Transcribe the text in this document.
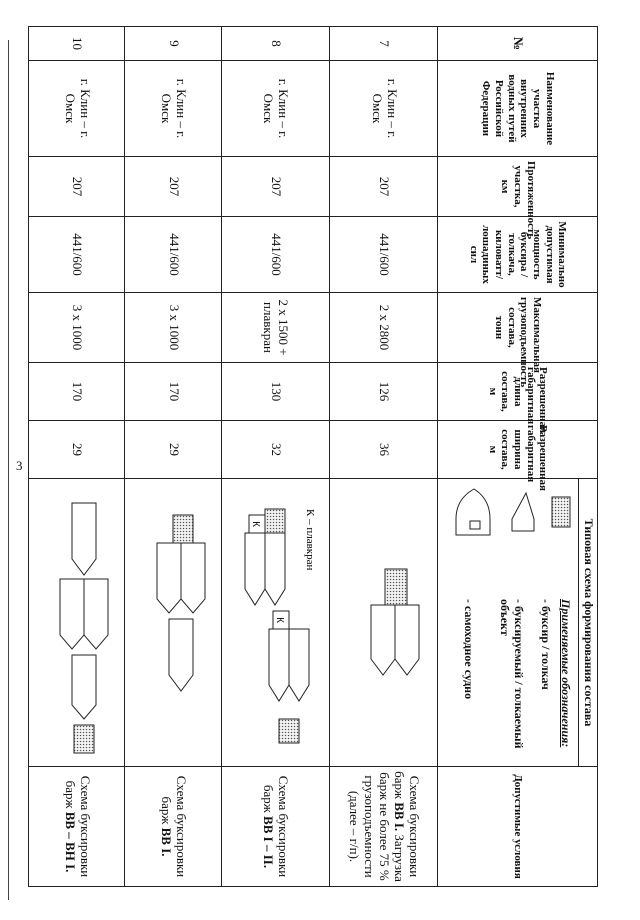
3
№	Наименование участка внутренних водных путей Российской Федерации	Протяженность участка, км	Минимально допустимая мощность буксира / толкача, киловатт/лошадиных сил	Максимальная грузоподъемность состава, тонн	Разрешенная габаритная длина состава, м	Разрешенная габаритная ширина состава, м	Типовая схема формирования состава
Применяемые обозначения:
- буксир / толкач
- буксируемый / толкаемый объект
- самоходное судно	Допустимые условия
7	г. Клин – г. Омск	207	441/600	2 x 2800	126	36		Схема буксировки барж ВВ I. Загрузка барж не более 75 % грузоподъемности (далее – г/п).
8	г. Клин – г. Омск	207	441/600	2 x 1500 + плавкран	130	32	К
К
К – плавкран	Схема буксировки барж ВВ I – II.
9	г. Клин – г. Омск	207	441/600	3 x 1000	170	29		Схема буксировки барж ВВ I.
10	г. Клин – г. Омск	207	441/600	3 x 1000	170	29		Схема буксировки барж ВВ – ВН I.
